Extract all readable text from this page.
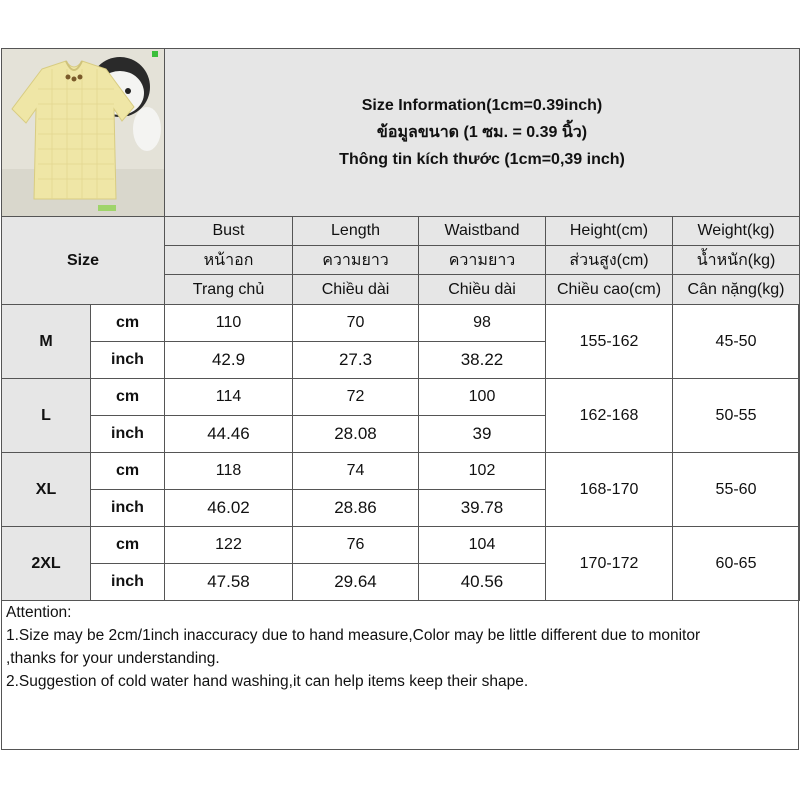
Size Information(1cm=0.39inch)
ข้อมูลขนาด (1 ซม. = 0.39 นิ้ว)
Thông tin kích thước (1cm=0,39 inch)				

Size		Bust	Length	Waistband	Height(cm)	Weight(kg)
		หน้าอก	ความยาว	ความยาว	ส่วนสูง(cm)	น้ำหนัก(kg)
		Trang chủ	Chiều dài	Chiều dài	Chiều cao(cm)	Cân nặng(kg)
M	cm	110	70	98	155-162	45-50
	inch	42.9	27.3	38.22		
L	cm	114	72	100	162-168	50-55
	inch	44.46	28.08	39		
XL	cm	118	74	102	168-170	55-60
	inch	46.02	28.86	39.78		
2XL	cm	122	76	104	170-172	60-65
	inch	47.58	29.64	40.56		
Attention:
1.Size may be 2cm/1inch inaccuracy due to hand measure,Color may be little different due to monitor
,thanks for your understanding.
2.Suggestion of cold water hand washing,it can help items keep their shape.
